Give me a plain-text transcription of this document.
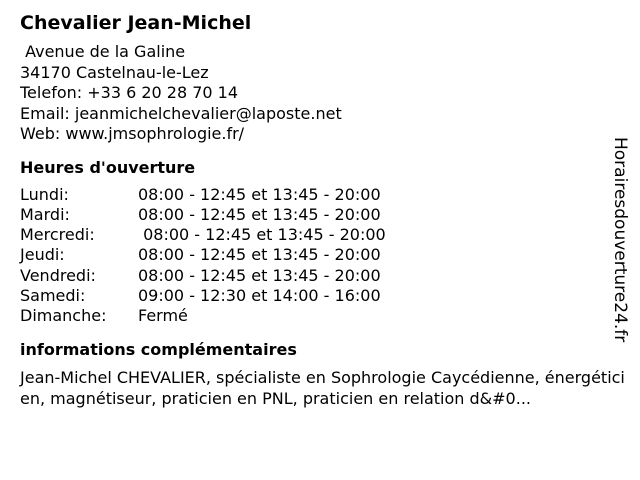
Chevalier Jean-Michel
Avenue de la Galine
34170 Castelnau-le-Lez
Telefon: +33 6 20 28 70 14
Email: jeanmichelchevalier@laposte.net
Web: www.jmsophrologie.fr/
Heures d'ouverture
Lundi:	08:00 - 12:45 et 13:45 - 20:00
Mardi:	08:00 - 12:45 et 13:45 - 20:00
Mercredi:	08:00 - 12:45 et 13:45 - 20:00
Jeudi:	08:00 - 12:45 et 13:45 - 20:00
Vendredi:	08:00 - 12:45 et 13:45 - 20:00
Samedi:	09:00 - 12:30 et 14:00 - 16:00
Dimanche:	Fermé
informations complémentaires
Jean-Michel CHEVALIER, spécialiste en Sophrologie Caycédienne, énergéticien, magnétiseur, praticien en PNL, praticien en relation d&#0...
Horairesdouverture24.fr
